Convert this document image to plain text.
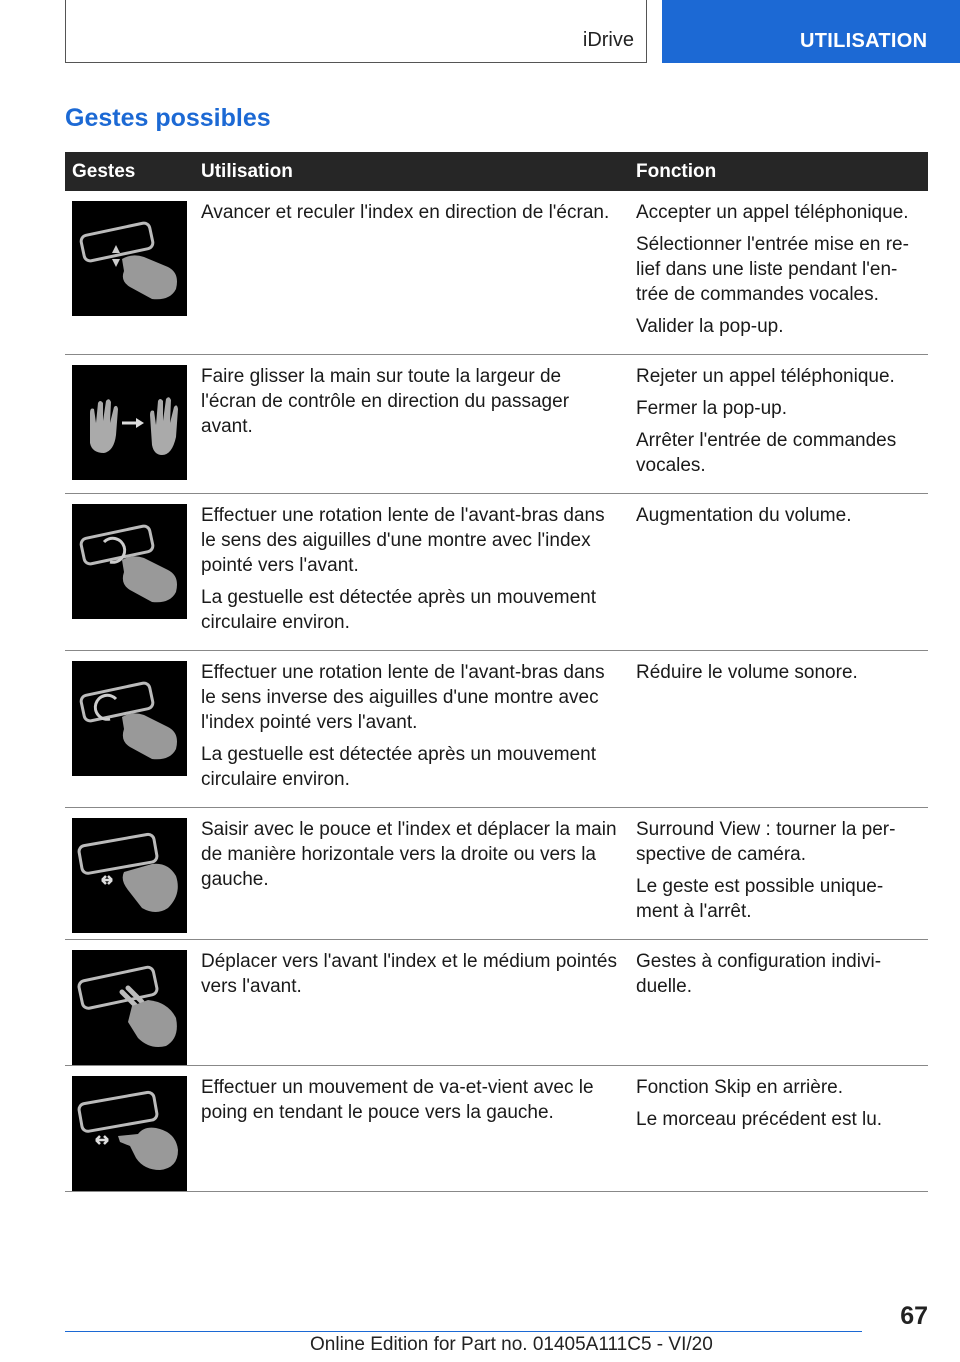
iDrive	UTILISATION
Gestes possibles
Gestes	Utilisation	Fonction

Avancer et reculer l'index en direction de l'écran.	Accepter un appel téléphonique.

Sélectionner l'entrée mise en relief dans une liste pendant l'entrée de commandes vocales.

Valider la pop-up.

Faire glisser la main sur toute la largeur de l'écran de contrôle en direction du passager avant.	Rejeter un appel téléphonique.

Fermer la pop-up.

Arrêter l'entrée de commandes vocales.

Effectuer une rotation lente de l'avant-bras dans le sens des aiguilles d'une montre avec l'index pointé vers l'avant.

La gestuelle est détectée après un mouvement circulaire environ.	Augmentation du volume.

Effectuer une rotation lente de l'avant-bras dans le sens inverse des aiguilles d'une montre avec l'index pointé vers l'avant.

La gestuelle est détectée après un mouvement circulaire environ.	Réduire le volume sonore.

Saisir avec le pouce et l'index et déplacer la main de manière horizontale vers la droite ou vers la gauche.	Surround View : tourner la perspective de caméra.

Le geste est possible uniquement à l'arrêt.

Déplacer vers l'avant l'index et le médium pointés vers l'avant.	Gestes à configuration individuelle.

Effectuer un mouvement de va-et-vient avec le poing en tendant le pouce vers la gauche.	Fonction Skip en arrière.

Le morceau précédent est lu.

67
Online Edition for Part no. 01405A111C5 - VI/20
